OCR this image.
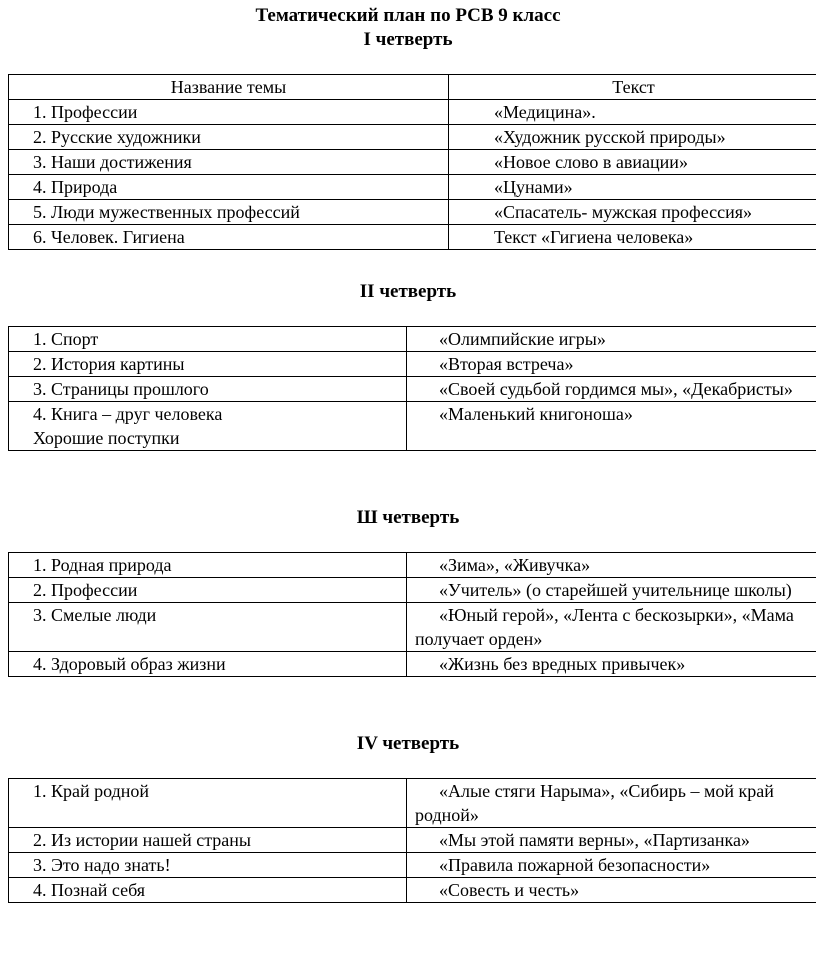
Тематический план по РСВ 9 класс
I четверть
Название темы	Текст
1. Профессии	«Медицина».
2. Русские художники	«Художник русской природы»
3. Наши достижения	«Новое слово в авиации»
4. Природа	«Цунами»
5. Люди мужественных профессий	«Спасатель- мужская профессия»
6. Человек. Гигиена	Текст «Гигиена человека»
II четверть
1. Спорт	«Олимпийские игры»
2. История картины	«Вторая встреча»
3. Страницы прошлого	«Своей судьбой гордимся мы», «Декабристы»
4. Книга – друг человека Хорошие поступки	«Маленький книгоноша»
Ш четверть
1. Родная природа	«Зима», «Живучка»
2. Профессии	«Учитель» (о старейшей учительнице школы)
3. Смелые люди	«Юный герой», «Лента с бескозырки», «Мама получает орден»
4. Здоровый образ жизни	«Жизнь без вредных привычек»
IV четверть
1. Край родной	«Алые стяги Нарыма», «Сибирь – мой край родной»
2. Из истории нашей страны	«Мы этой памяти верны», «Партизанка»
3. Это надо знать!	«Правила пожарной безопасности»
4. Познай себя	«Совесть и честь»
